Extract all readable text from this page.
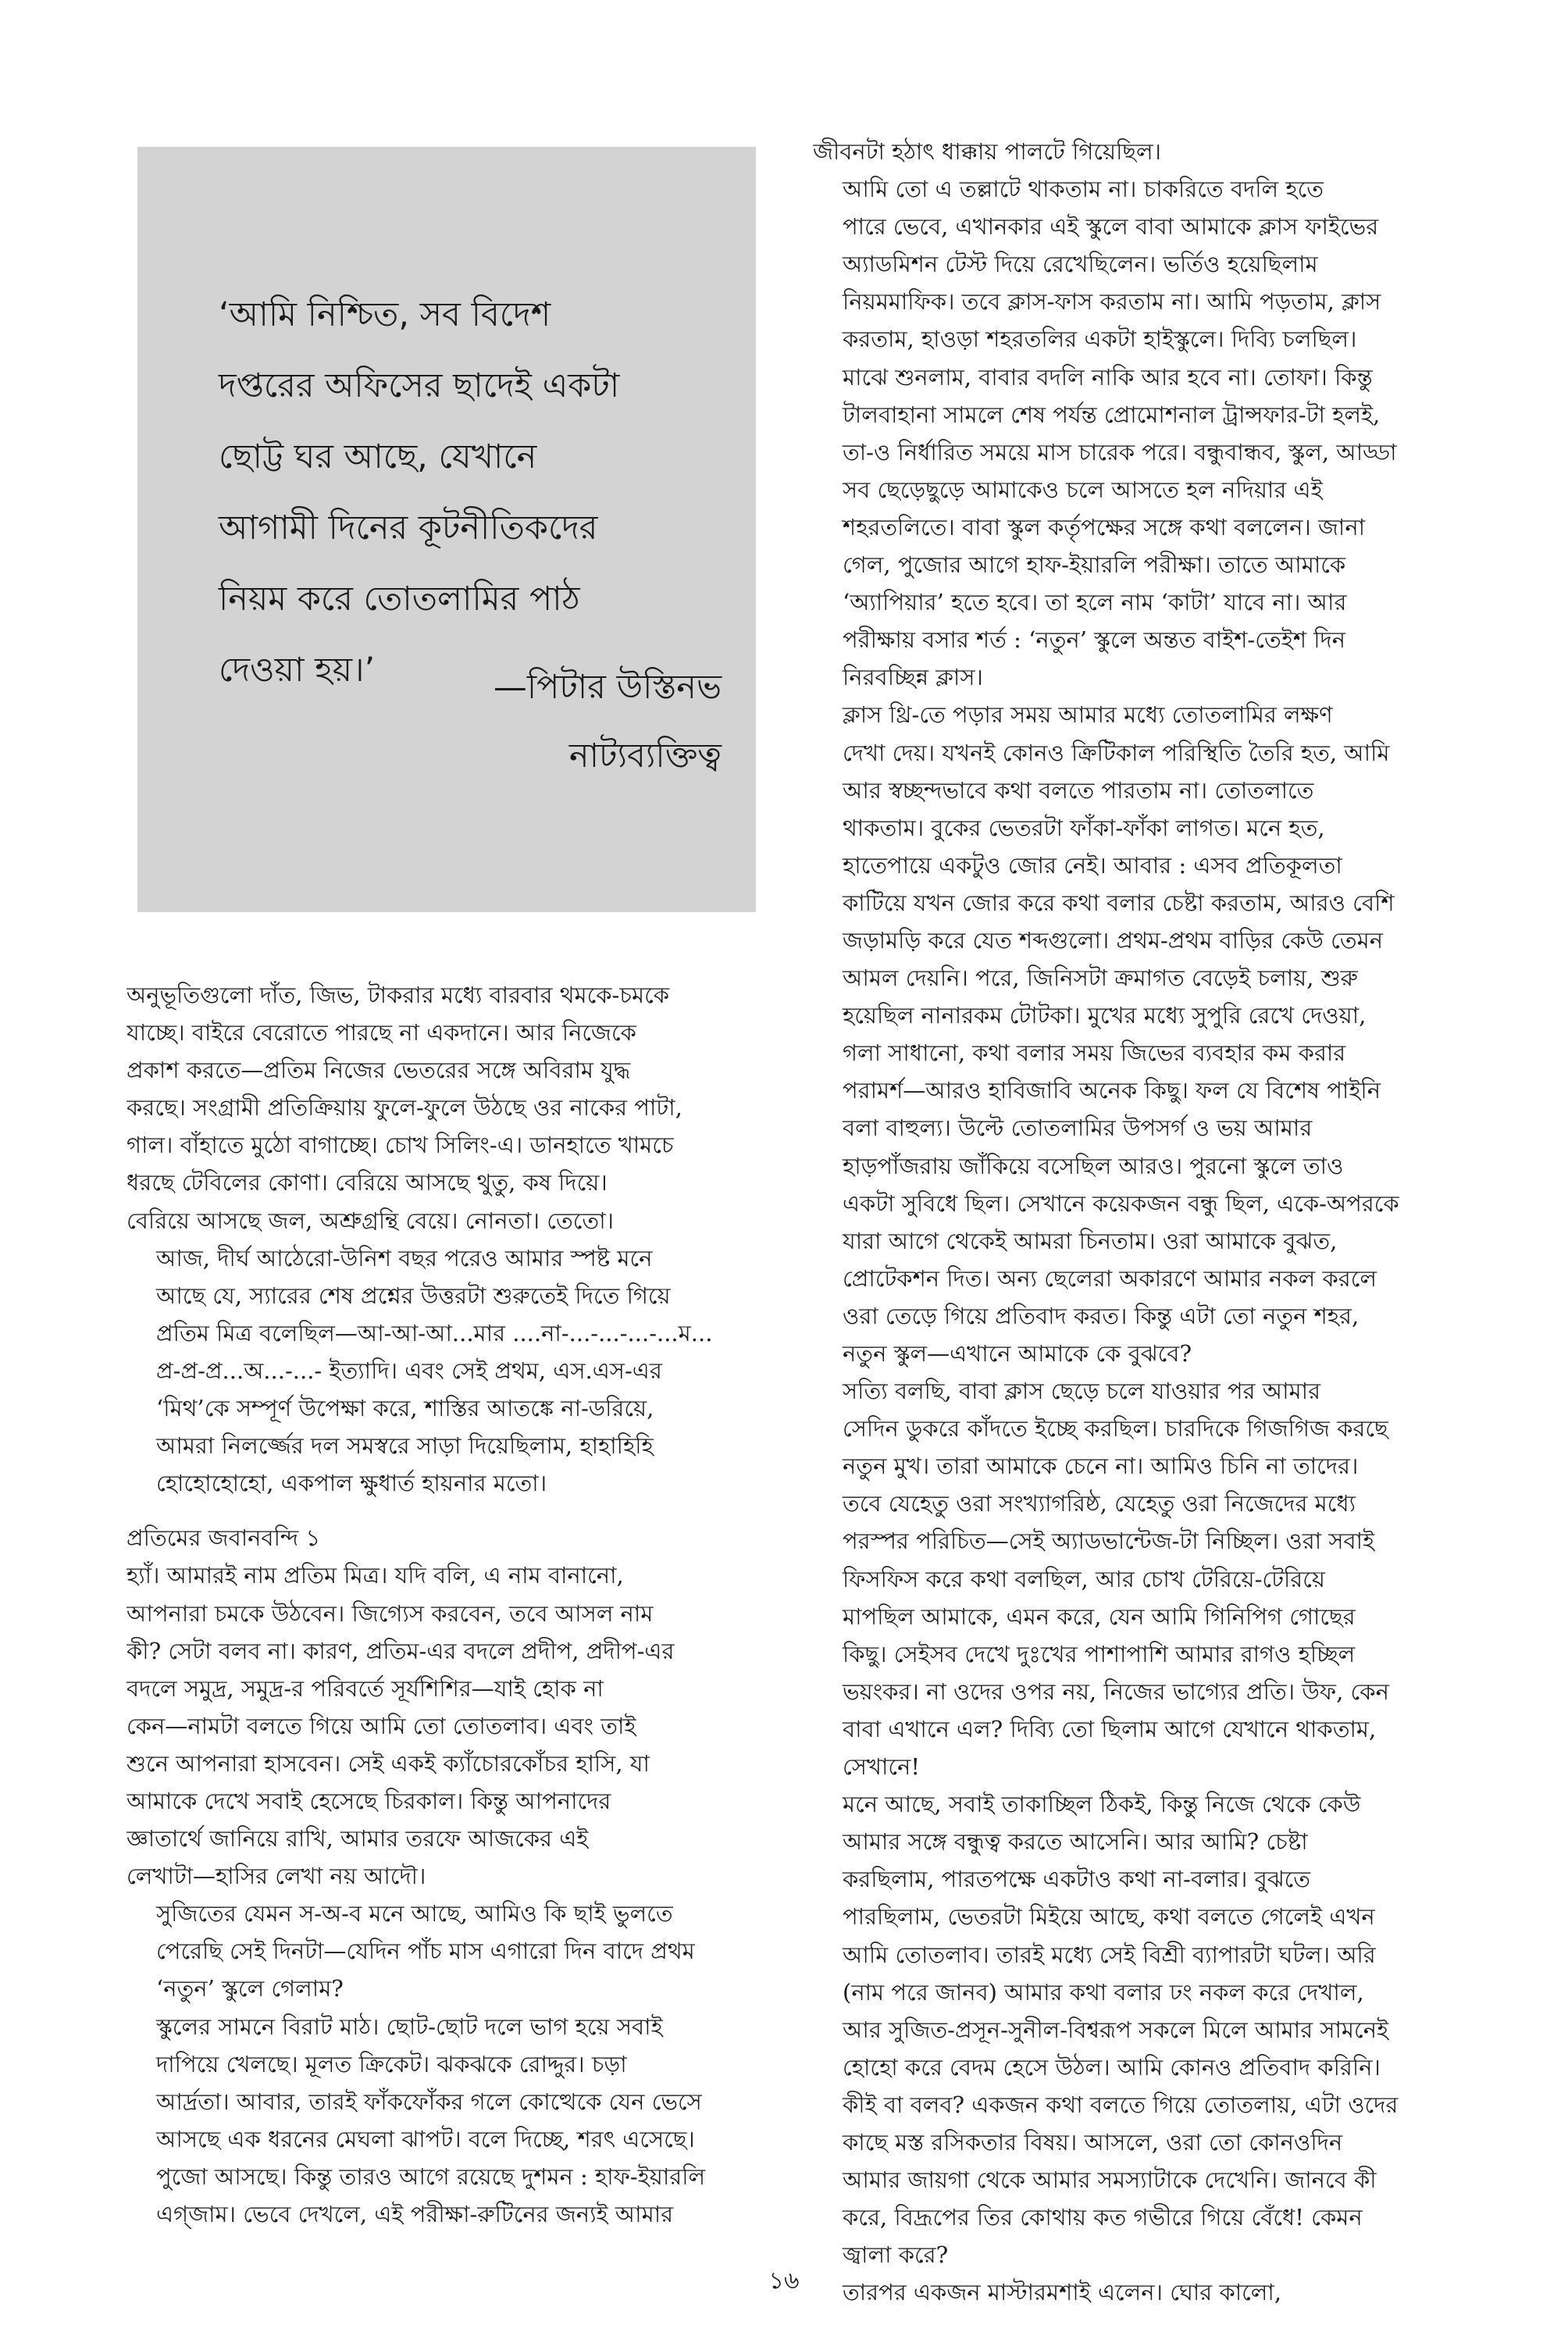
‘আমি নিশ্চিত, সব বিদেশ
দপ্তরের অফিসের ছাদেই একটা
ছোট্ট ঘর আছে, যেখানে
আগামী দিনের কূটনীতিকদের
নিয়ম করে তোতলামির পাঠ
দেওয়া হয়।’	—পিটার উস্তিনভ
নাট্যব্যক্তিত্ব

অনুভূতিগুলো দাঁত, জিভ, টাকরার মধ্যে বারবার থমকে-চমকে
যাচ্ছে। বাইরে বেরোতে পারছে না একদানে। আর নিজেকে
প্রকাশ করতে—প্রতিম নিজের ভেতরের সঙ্গে অবিরাম যুদ্ধ
করছে। সংগ্রামী প্রতিক্রিয়ায় ফুলে-ফুলে উঠছে ওর নাকের পাটা,
গাল। বাঁহাতে মুঠো বাগাচ্ছে। চোখ সিলিং-এ। ডানহাতে খামচে
ধরছে টেবিলের কোণা। বেরিয়ে আসছে থুতু, কষ দিয়ে।
বেরিয়ে আসছে জল, অশ্রুগ্রন্থি বেয়ে। নোনতা। তেতো।

আজ, দীর্ঘ আঠেরো-উনিশ বছর পরেও আমার স্পষ্ট মনে
আছে যে, স্যারের শেষ প্রশ্নের উত্তরটা শুরুতেই দিতে গিয়ে
প্রতিম মিত্র বলেছিল—আ-আ-আ...মার ....না-...-...-...-...ম...
প্র-প্র-প্র...অ...-...- ইত্যাদি। এবং সেই প্রথম, এস.এস-এর
‘মিথ’কে সম্পূর্ণ উপেক্ষা করে, শাস্তির আতঙ্কে না-ডরিয়ে,
আমরা নিলর্জ্জের দল সমস্বরে সাড়া দিয়েছিলাম, হাহাহিহি
হোহোহোহো, একপাল ক্ষুধার্ত হায়নার মতো।

প্রতিমের জবানবন্দি ১

হ্যাঁ। আমারই নাম প্রতিম মিত্র। যদি বলি, এ নাম বানানো,
আপনারা চমকে উঠবেন। জিগ্যেস করবেন, তবে আসল নাম
কী? সেটা বলব না। কারণ, প্রতিম-এর বদলে প্রদীপ, প্রদীপ-এর
বদলে সমুদ্র, সমুদ্র-র পরিবর্তে সূর্যশিশির—যাই হোক না
কেন—নামটা বলতে গিয়ে আমি তো তোতলাব। এবং তাই
শুনে আপনারা হাসবেন। সেই একই ক্যাঁচোরকোঁচর হাসি, যা
আমাকে দেখে সবাই হেসেছে চিরকাল। কিন্তু আপনাদের
জ্ঞাতার্থে জানিয়ে রাখি, আমার তরফে আজকের এই
লেখাটা—হাসির লেখা নয় আদৌ।

সুজিতের যেমন স-অ-ব মনে আছে, আমিও কি ছাই ভুলতে
পেরেছি সেই দিনটা—যেদিন পাঁচ মাস এগারো দিন বাদে প্রথম
‘নতুন’ স্কুলে গেলাম?

স্কুলের সামনে বিরাট মাঠ। ছোট-ছোট দলে ভাগ হয়ে সবাই
দাপিয়ে খেলছে। মূলত ক্রিকেট। ঝকঝকে রোদ্দুর। চড়া
আর্দ্রতা। আবার, তারই ফাঁকফোঁকর গলে কোত্থেকে যেন ভেসে
আসছে এক ধরনের মেঘলা ঝাপট। বলে দিচ্ছে, শরৎ এসেছে।
পুজো আসছে। কিন্তু তারও আগে রয়েছে দুশমন : হাফ-ইয়ারলি
এগ্‌জাম। ভেবে দেখলে, এই পরীক্ষা-রুটিনের জন্যই আমার

জীবনটা হঠাৎ ধাক্কায় পালটে গিয়েছিল।

আমি তো এ তল্লাটে থাকতাম না। চাকরিতে বদলি হতে
পারে ভেবে, এখানকার এই স্কুলে বাবা আমাকে ক্লাস ফাইভের
অ্যাডমিশন টেস্ট দিয়ে রেখেছিলেন। ভর্তিও হয়েছিলাম
নিয়মমাফিক। তবে ক্লাস-ফাস করতাম না। আমি পড়তাম, ক্লাস
করতাম, হাওড়া শহরতলির একটা হাইস্কুলে। দিব্যি চলছিল।
মাঝে শুনলাম, বাবার বদলি নাকি আর হবে না। তোফা। কিন্তু
টালবাহানা সামলে শেষ পর্যন্ত প্রোমোশনাল ট্রান্সফার-টা হলই,
তা-ও নির্ধারিত সময়ে মাস চারেক পরে। বন্ধুবান্ধব, স্কুল, আড্ডা
সব ছেড়েছুড়ে আমাকেও চলে আসতে হল নদিয়ার এই
শহরতলিতে। বাবা স্কুল কর্তৃপক্ষের সঙ্গে কথা বললেন। জানা
গেল, পুজোর আগে হাফ-ইয়ারলি পরীক্ষা। তাতে আমাকে
‘অ্যাপিয়ার’ হতে হবে। তা হলে নাম ‘কাটা’ যাবে না। আর
পরীক্ষায় বসার শর্ত : ‘নতুন’ স্কুলে অন্তত বাইশ-তেইশ দিন
নিরবচ্ছিন্ন ক্লাস।

ক্লাস থ্রি-তে পড়ার সময় আমার মধ্যে তোতলামির লক্ষণ
দেখা দেয়। যখনই কোনও ক্রিটিকাল পরিস্থিতি তৈরি হত, আমি
আর স্বচ্ছন্দভাবে কথা বলতে পারতাম না। তোতলাতে
থাকতাম। বুকের ভেতরটা ফাঁকা-ফাঁকা লাগত। মনে হত,
হাতেপায়ে একটুও জোর নেই। আবার : এসব প্রতিকূলতা
কাটিয়ে যখন জোর করে কথা বলার চেষ্টা করতাম, আরও বেশি
জড়ামড়ি করে যেত শব্দগুলো। প্রথম-প্রথম বাড়ির কেউ তেমন
আমল দেয়নি। পরে, জিনিসটা ক্রমাগত বেড়েই চলায়, শুরু
হয়েছিল নানারকম টোটকা। মুখের মধ্যে সুপুরি রেখে দেওয়া,
গলা সাধানো, কথা বলার সময় জিভের ব্যবহার কম করার
পরামর্শ—আরও হাবিজাবি অনেক কিছু। ফল যে বিশেষ পাইনি
বলা বাহুল্য। উল্টে তোতলামির উপসর্গ ও ভয় আমার
হাড়পাঁজরায় জাঁকিয়ে বসেছিল আরও। পুরনো স্কুলে তাও
একটা সুবিধে ছিল। সেখানে কয়েকজন বন্ধু ছিল, একে-অপরকে
যারা আগে থেকেই আমরা চিনতাম। ওরা আমাকে বুঝত,
প্রোটেকশন দিত। অন্য ছেলেরা অকারণে আমার নকল করলে
ওরা তেড়ে গিয়ে প্রতিবাদ করত। কিন্তু এটা তো নতুন শহর,
নতুন স্কুল—এখানে আমাকে কে বুঝবে?

সত্যি বলছি, বাবা ক্লাস ছেড়ে চলে যাওয়ার পর আমার
সেদিন ডুকরে কাঁদতে ইচ্ছে করছিল। চারদিকে গিজগিজ করছে
নতুন মুখ। তারা আমাকে চেনে না। আমিও চিনি না তাদের।
তবে যেহেতু ওরা সংখ্যাগরিষ্ঠ, যেহেতু ওরা নিজেদের মধ্যে
পরস্পর পরিচিত—সেই অ্যাডভান্টেজ-টা নিচ্ছিল। ওরা সবাই
ফিসফিস করে কথা বলছিল, আর চোখ টেরিয়ে-টেরিয়ে
মাপছিল আমাকে, এমন করে, যেন আমি গিনিপিগ গোছের
কিছু। সেইসব দেখে দুঃখের পাশাপাশি আমার রাগও হচ্ছিল
ভয়ংকর। না ওদের ওপর নয়, নিজের ভাগ্যের প্রতি। উফ, কেন
বাবা এখানে এল? দিব্যি তো ছিলাম আগে যেখানে থাকতাম,
সেখানে!

মনে আছে, সবাই তাকাচ্ছিল ঠিকই, কিন্তু নিজে থেকে কেউ
আমার সঙ্গে বন্ধুত্ব করতে আসেনি। আর আমি? চেষ্টা
করছিলাম, পারতপক্ষে একটাও কথা না-বলার। বুঝতে
পারছিলাম, ভেতরটা মিইয়ে আছে, কথা বলতে গেলেই এখন
আমি তোতলাব। তারই মধ্যে সেই বিশ্রী ব্যাপারটা ঘটল। অরি
(নাম পরে জানব) আমার কথা বলার ঢং নকল করে দেখাল,
আর সুজিত-প্রসূন-সুনীল-বিশ্বরূপ সকলে মিলে আমার সামনেই
হোহো করে বেদম হেসে উঠল। আমি কোনও প্রতিবাদ করিনি।
কীই বা বলব? একজন কথা বলতে গিয়ে তোতলায়, এটা ওদের
কাছে মস্ত রসিকতার বিষয়। আসলে, ওরা তো কোনওদিন
আমার জায়গা থেকে আমার সমস্যাটাকে দেখেনি। জানবে কী
করে, বিদ্রূপের তির কোথায় কত গভীরে গিয়ে বেঁধে! কেমন
জ্বালা করে?

তারপর একজন মাস্টারমশাই এলেন। ঘোর কালো,

১৬
